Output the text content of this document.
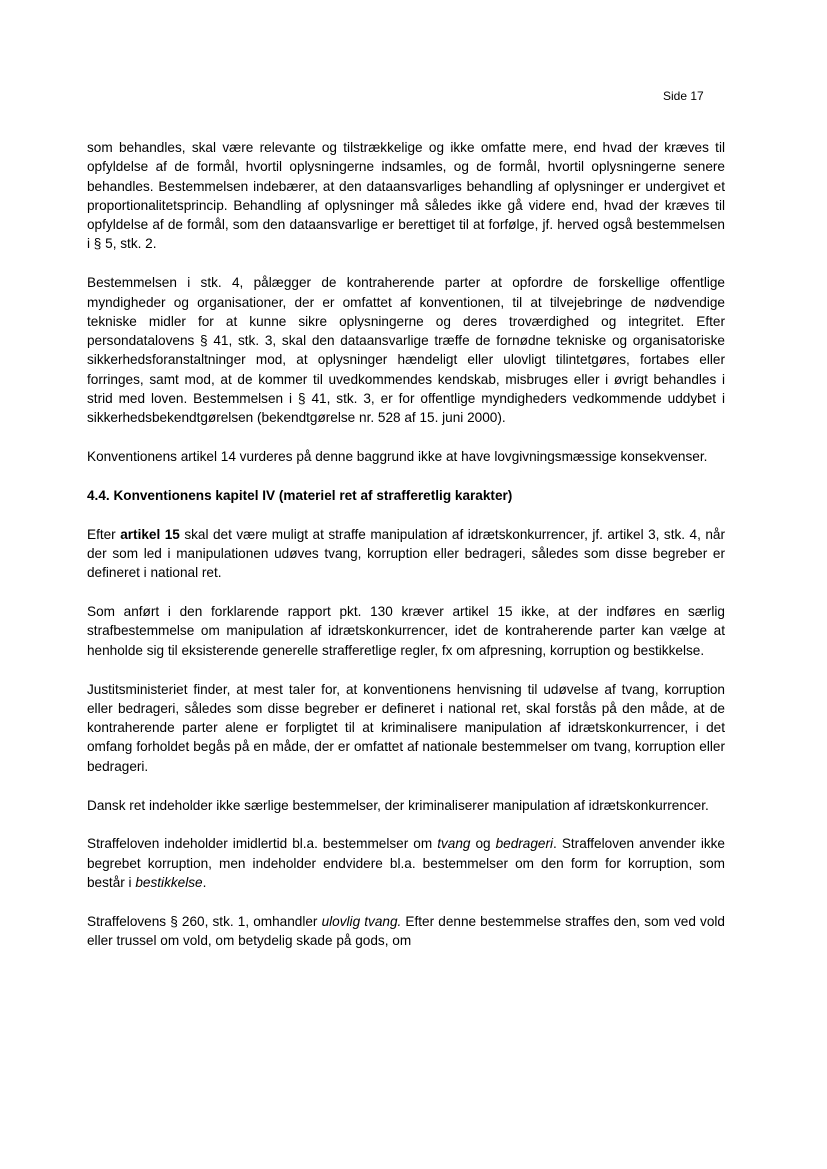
Side 17

som behandles, skal være relevante og tilstrækkelige og ikke omfatte mere, end hvad der kræves til opfyldelse af de formål, hvortil oplysningerne indsamles, og de formål, hvortil oplysningerne senere behandles. Bestemmelsen indebærer, at den dataansvarliges behandling af oplysninger er undergivet et proportionalitetsprincip. Behandling af oplysninger må således ikke gå videre end, hvad der kræves til opfyldelse af de formål, som den dataansvarlige er berettiget til at forfølge, jf. herved også bestemmelsen i § 5, stk. 2.

Bestemmelsen i stk. 4, pålægger de kontraherende parter at opfordre de forskellige offentlige myndigheder og organisationer, der er omfattet af konventionen, til at tilvejebringe de nødvendige tekniske midler for at kunne sikre oplysningerne og deres troværdighed og integritet. Efter persondatalovens § 41, stk. 3, skal den dataansvarlige træffe de fornødne tekniske og organisatoriske sikkerhedsforanstaltninger mod, at oplysninger hændeligt eller ulovligt tilintetgøres, fortabes eller forringes, samt mod, at de kommer til uvedkommendes kendskab, misbruges eller i øvrigt behandles i strid med loven. Bestemmelsen i § 41, stk. 3, er for offentlige myndigheders vedkommende uddybet i sikkerhedsbekendtgørelsen (bekendtgørelse nr. 528 af 15. juni 2000).

Konventionens artikel 14 vurderes på denne baggrund ikke at have lovgivningsmæssige konsekvenser.

4.4. Konventionens kapitel IV (materiel ret af strafferetlig karakter)

Efter artikel 15 skal det være muligt at straffe manipulation af idrætskonkurrencer, jf. artikel 3, stk. 4, når der som led i manipulationen udøves tvang, korruption eller bedrageri, således som disse begreber er defineret i national ret.

Som anført i den forklarende rapport pkt. 130 kræver artikel 15 ikke, at der indføres en særlig strafbestemmelse om manipulation af idrætskonkurrencer, idet de kontraherende parter kan vælge at henholde sig til eksisterende generelle strafferetlige regler, fx om afpresning, korruption og bestikkelse.

Justitsministeriet finder, at mest taler for, at konventionens henvisning til udøvelse af tvang, korruption eller bedrageri, således som disse begreber er defineret i national ret, skal forstås på den måde, at de kontraherende parter alene er forpligtet til at kriminalisere manipulation af idrætskonkurrencer, i det omfang forholdet begås på en måde, der er omfattet af nationale bestemmelser om tvang, korruption eller bedrageri.

Dansk ret indeholder ikke særlige bestemmelser, der kriminaliserer manipulation af idrætskonkurrencer.

Straffeloven indeholder imidlertid bl.a. bestemmelser om tvang og bedrageri. Straffeloven anvender ikke begrebet korruption, men indeholder endvidere bl.a. bestemmelser om den form for korruption, som består i bestikkelse.

Straffelovens § 260, stk. 1, omhandler ulovlig tvang. Efter denne bestemmelse straffes den, som ved vold eller trussel om vold, om betydelig skade på gods, om
